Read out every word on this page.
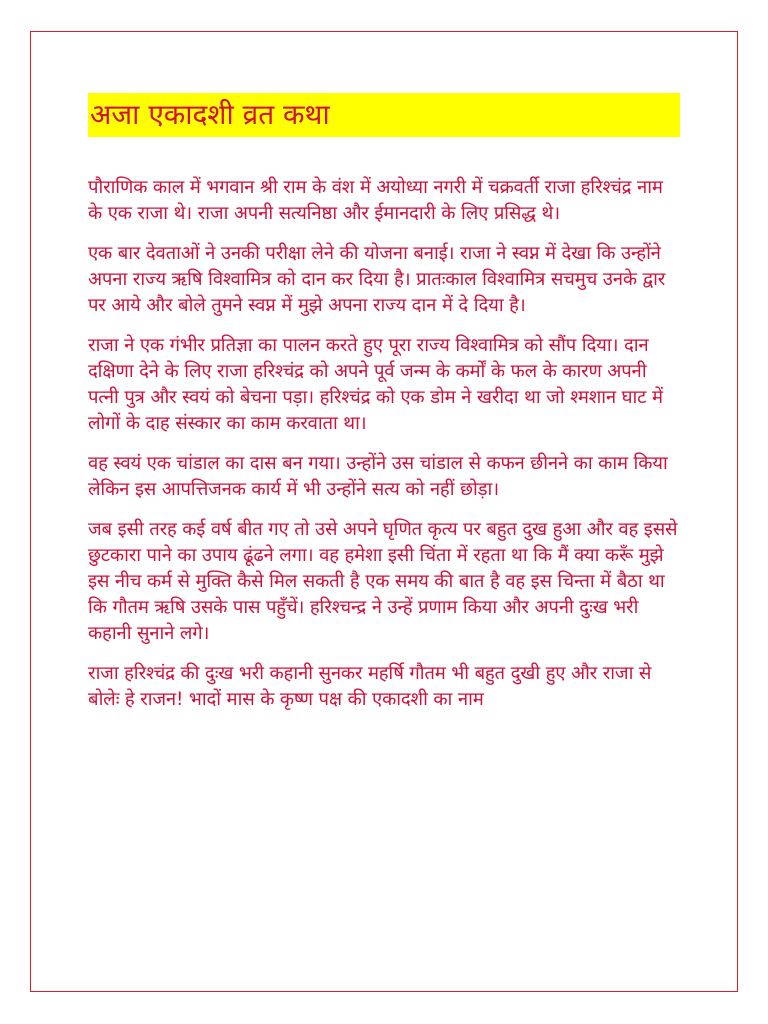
अजा एकादशी व्रत कथा

पौराणिक काल में भगवान श्री राम के वंश में अयोध्या नगरी में चक्रवर्ती राजा हरिश्चंद्र नाम के एक राजा थे। राजा अपनी सत्यनिष्ठा और ईमानदारी के लिए प्रसिद्ध थे।

एक बार देवताओं ने उनकी परीक्षा लेने की योजना बनाई। राजा ने स्वप्न में देखा कि उन्होंने अपना राज्य ऋषि विश्वामित्र को दान कर दिया है। प्रातःकाल विश्वामित्र सचमुच उनके द्वार पर आये और बोले तुमने स्वप्न में मुझे अपना राज्य दान में दे दिया है।

राजा ने एक गंभीर प्रतिज्ञा का पालन करते हुए पूरा राज्य विश्वामित्र को सौंप दिया। दान दक्षिणा देने के लिए राजा हरिश्चंद्र को अपने पूर्व जन्म के कर्मों के फल के कारण अपनी पत्नी पुत्र और स्वयं को बेचना पड़ा। हरिश्चंद्र को एक डोम ने खरीदा था जो श्मशान घाट में लोगों के दाह संस्कार का काम करवाता था।

वह स्वयं एक चांडाल का दास बन गया। उन्होंने उस चांडाल से कफन छीनने का काम किया लेकिन इस आपत्तिजनक कार्य में भी उन्होंने सत्य को नहीं छोड़ा।

जब इसी तरह कई वर्ष बीत गए तो उसे अपने घृणित कृत्य पर बहुत दुख हुआ और वह इससे छुटकारा पाने का उपाय ढूंढने लगा। वह हमेशा इसी चिंता में रहता था कि मैं क्या करूँ मुझे इस नीच कर्म से मुक्ति कैसे मिल सकती है एक समय की बात है वह इस चिन्ता में बैठा था कि गौतम ऋषि उसके पास पहुँचें। हरिश्चन्द्र ने उन्हें प्रणाम किया और अपनी दुःख भरी कहानी सुनाने लगे।

राजा हरिश्चंद्र की दुःख भरी कहानी सुनकर महर्षि गौतम भी बहुत दुखी हुए और राजा से बोलेः हे राजन! भादों मास के कृष्ण पक्ष की एकादशी का नाम
